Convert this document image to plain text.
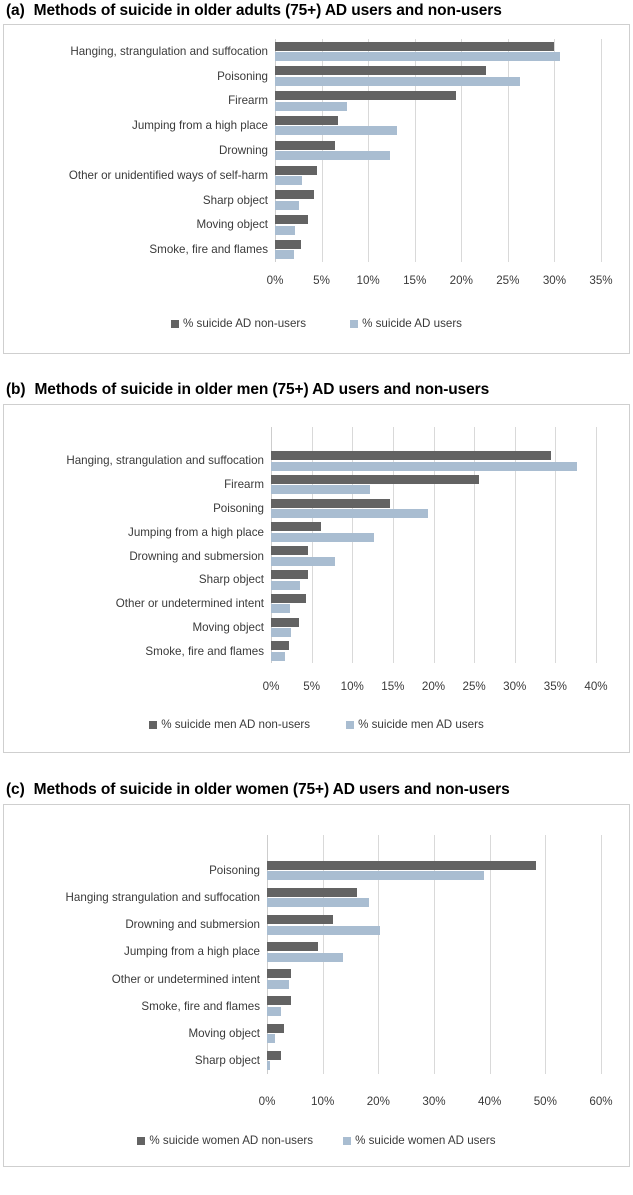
(a) Methods of suicide in older adults (75+) AD users and non-users
Hanging, strangulation and suffocation
Poisoning
Firearm
Jumping from a high place
Drowning
Other or unidentified ways of self-harm
Sharp object
Moving object
Smoke, fire and flames
0%	5% 10% 15% 20% 25% 30% 35%
% suicide AD non-users	% suicide AD users
(b) Methods of suicide in older men (75+) AD users and non-users
Hanging, strangulation and suffocation
Firearm
Poisoning
Jumping from a high place
Drowning and submersion
Sharp object
Other or undetermined intent
Moving object
Smoke, fire and flames
0% 5% 10% 15% 20% 25% 30% 35% 40%
% suicide men AD non-users	% suicide men AD users
(c) Methods of suicide in older women (75+) AD users and non-users
Poisoning
Hanging strangulation and suffocation
Drowning and submersion
Jumping from a high place
Other or undetermined intent
Smoke, fire and flames
Moving object
Sharp object
0%	10%	20%	30%	40%	50%	60%
% suicide women AD non-users	% suicide women AD users
